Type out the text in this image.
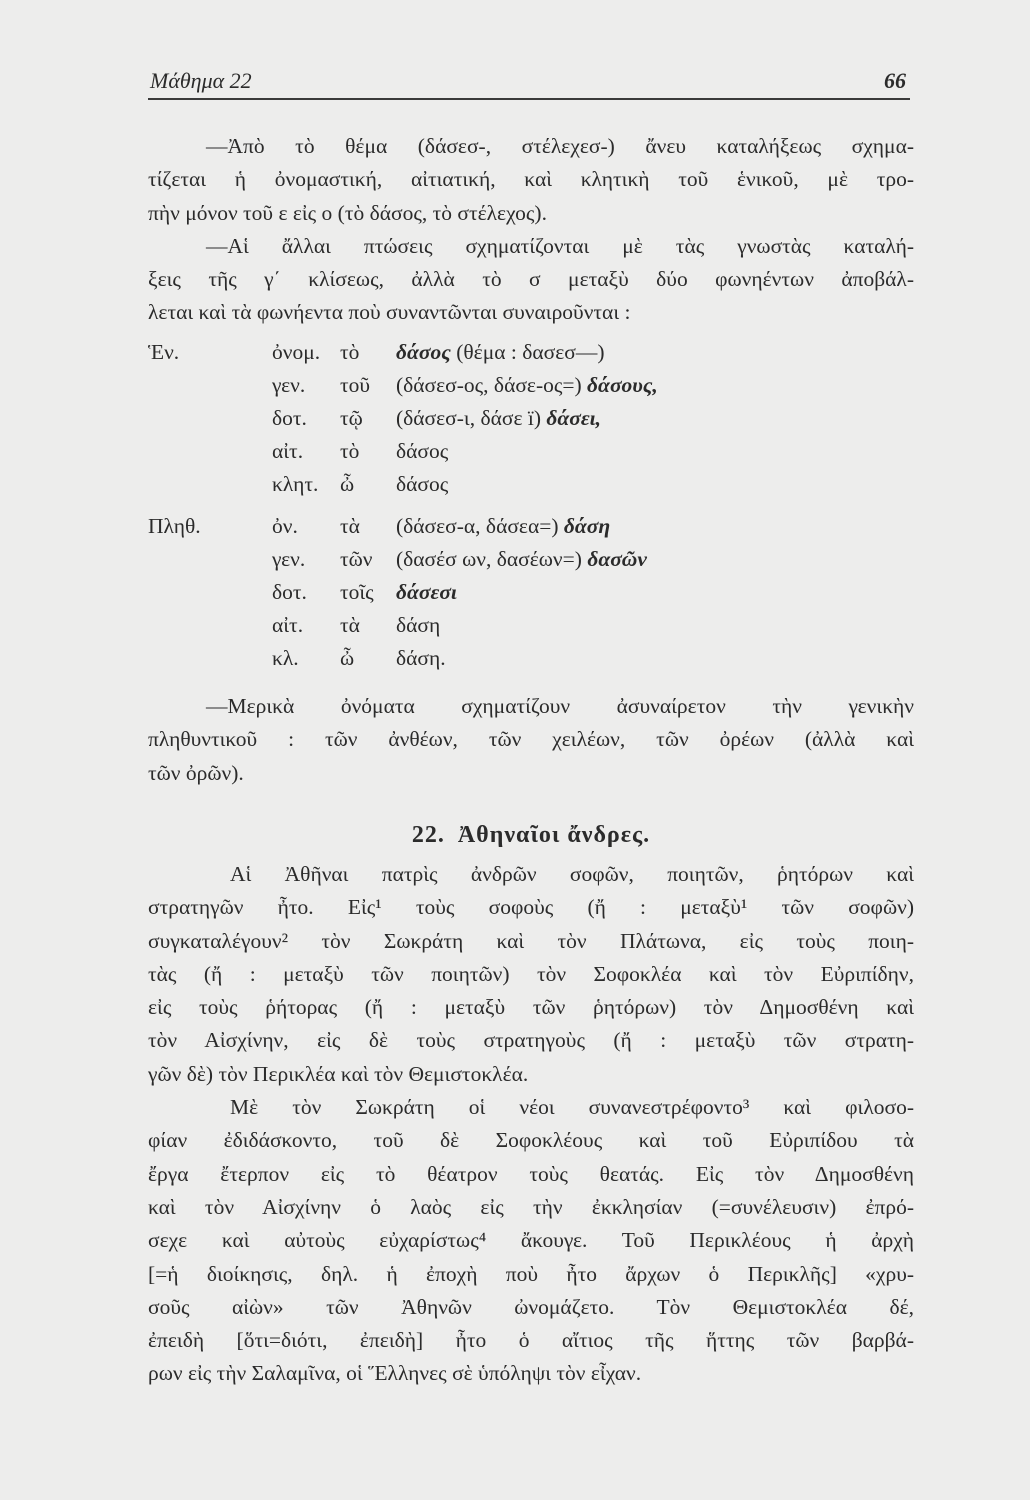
Μάθημα 22	66

—Ἀπὸ τὸ θέμα (δάσεσ-, στέλεχεσ-) ἄνευ καταλήξεως σχημα-
τίζεται ἡ ὀνομαστική, αἰτιατική, καὶ κλητικὴ τοῦ ἑνικοῦ, μὲ τρο-
πὴν μόνον τοῦ ε εἰς ο (τὸ δάσος, τὸ στέλεχος).

—Αἱ ἄλλαι πτώσεις σχηματίζονται μὲ τὰς γνωστὰς καταλή-
ξεις τῆς γ΄ κλίσεως, ἀλλὰ τὸ σ μεταξὺ δύο φωνηέντων ἀποβάλ-
λεται καὶ τὰ φωνήεντα ποὺ συναντῶνται συναιροῦνται :

Ἑν.	ὀνομ. τὸ δάσος (θέμα : δασεσ—)
γεν. τοῦ (δάσεσ-ος, δάσε-ος=) δάσους,
δοτ. τῷ (δάσεσ-ι, δάσε ï) δάσει,
αἰτ. τὸ δάσος
κλητ. ὦ δάσος
Πληθ.	ὀν. τὰ (δάσεσ-α, δάσεα=) δάση
γεν. τῶν (δασέσ ων, δασέων=) δασῶν
δοτ. τοῖς δάσεσι
αἰτ. τὰ δάση
κλ. ὦ δάση.

—Μερικὰ ὀνόματα σχηματίζουν ἀσυναίρετον τὴν γενικὴν
πληθυντικοῦ : τῶν ἀνθέων, τῶν χειλέων, τῶν ὀρέων (ἀλλὰ καὶ
τῶν ὀρῶν).

22. Ἀθηναῖοι ἄνδρες.

Αἱ Ἀθῆναι πατρὶς ἀνδρῶν σοφῶν, ποιητῶν, ῥητόρων καὶ
στρατηγῶν ἦτο. Εἰς¹ τοὺς σοφοὺς (ἤ : μεταξὺ¹ τῶν σοφῶν)
συγκαταλέγουν² τὸν Σωκράτη καὶ τὸν Πλάτωνα, εἰς τοὺς ποιη-
τὰς (ἤ : μεταξὺ τῶν ποιητῶν) τὸν Σοφοκλέα καὶ τὸν Εὐριπίδην,
εἰς τοὺς ῥήτορας (ἤ : μεταξὺ τῶν ῥητόρων) τὸν Δημοσθένη καὶ
τὸν Αἰσχίνην, εἰς δὲ τοὺς στρατηγοὺς (ἤ : μεταξὺ τῶν στρατη-
γῶν δὲ) τὸν Περικλέα καὶ τὸν Θεμιστοκλέα.

Μὲ τὸν Σωκράτη οἱ νέοι συνανεστρέφοντο³ καὶ φιλοσο-
φίαν ἐδιδάσκοντο, τοῦ δὲ Σοφοκλέους καὶ τοῦ Εὐριπίδου τὰ
ἔργα ἔτερπον εἰς τὸ θέατρον τοὺς θεατάς. Εἰς τὸν Δημοσθένη
καὶ τὸν Αἰσχίνην ὁ λαὸς εἰς τὴν ἐκκλησίαν (=συνέλευσιν) ἐπρό-
σεχε καὶ αὐτοὺς εὐχαρίστως⁴ ἄκουγε. Τοῦ Περικλέους ἡ ἀρχὴ
[=ἡ διοίκησις, δηλ. ἡ ἐποχὴ ποὺ ἦτο ἄρχων ὁ Περικλῆς] «χρυ-
σοῦς αἰὼν» τῶν Ἀθηνῶν ὠνομάζετο. Τὸν Θεμιστοκλέα δέ,
ἐπειδὴ [ὅτι=διότι, ἐπειδὴ] ἦτο ὁ αἴτιος τῆς ἥττης τῶν βαρβά-
ρων εἰς τὴν Σαλαμῖνα, οἱ Ἕλληνες σὲ ὑπόληψι τὸν εἶχαν.
